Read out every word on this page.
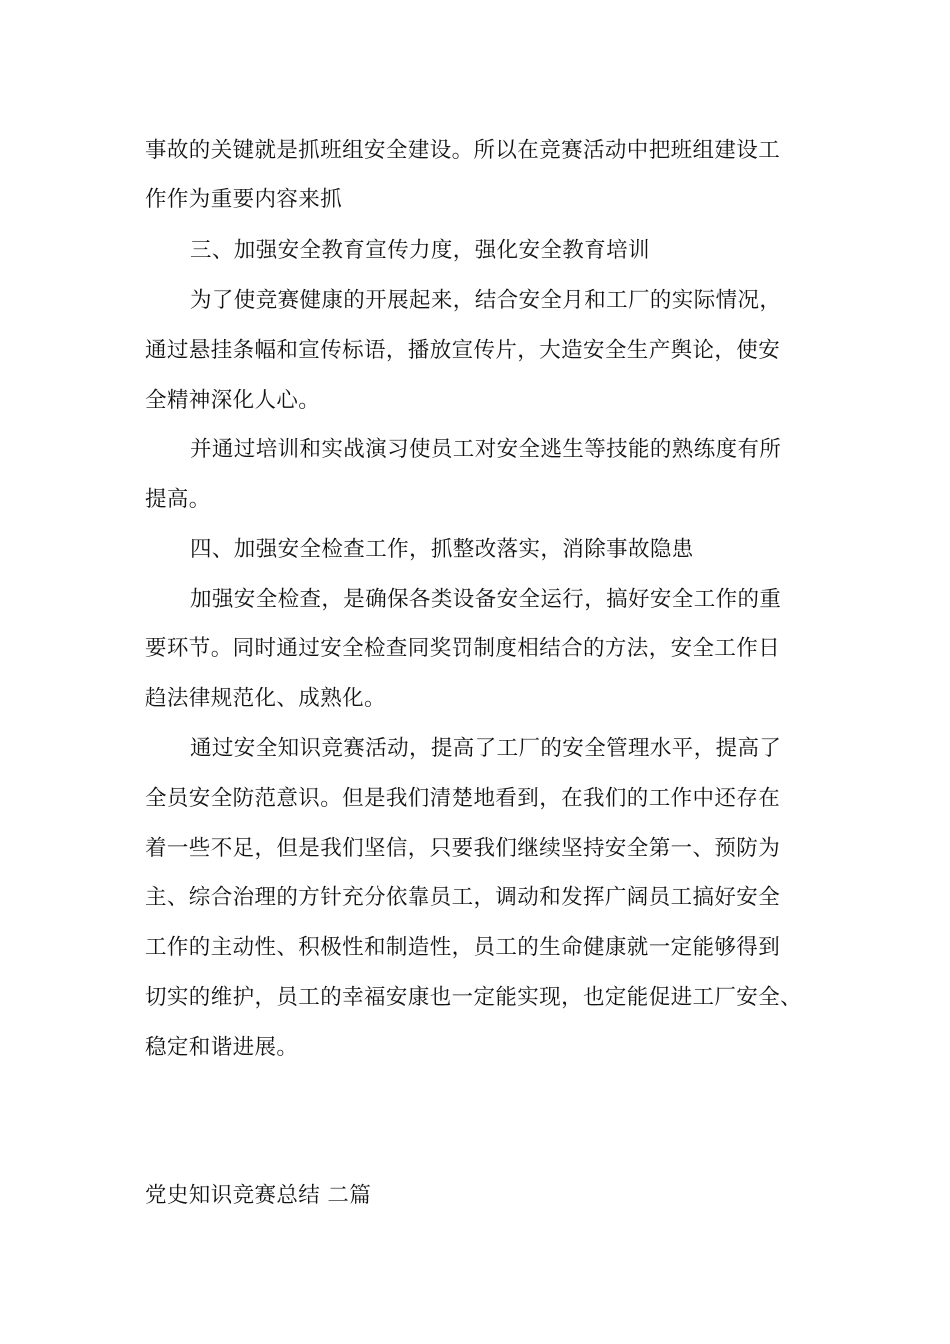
事故的关键就是抓班组安全建设。所以在竞赛活动中把班组建设工
作作为重要内容来抓
三、加强安全教育宣传力度，强化安全教育培训
为了使竞赛健康的开展起来，结合安全月和工厂的实际情况，
通过悬挂条幅和宣传标语，播放宣传片，大造安全生产舆论，使安
全精神深化人心。
并通过培训和实战演习使员工对安全逃生等技能的熟练度有所
提高。
四、加强安全检查工作，抓整改落实，消除事故隐患
加强安全检查，是确保各类设备安全运行，搞好安全工作的重
要环节。同时通过安全检查同奖罚制度相结合的方法，安全工作日
趋法律规范化、成熟化。
通过安全知识竞赛活动，提高了工厂的安全管理水平，提高了
全员安全防范意识。但是我们清楚地看到，在我们的工作中还存在
着一些不足，但是我们坚信，只要我们继续坚持安全第一、预防为
主、综合治理的方针充分依靠员工，调动和发挥广阔员工搞好安全
工作的主动性、积极性和制造性，员工的生命健康就一定能够得到
切实的维护，员工的幸福安康也一定能实现，也定能促进工厂安全、
稳定和谐进展。
党史知识竞赛总结 二篇
